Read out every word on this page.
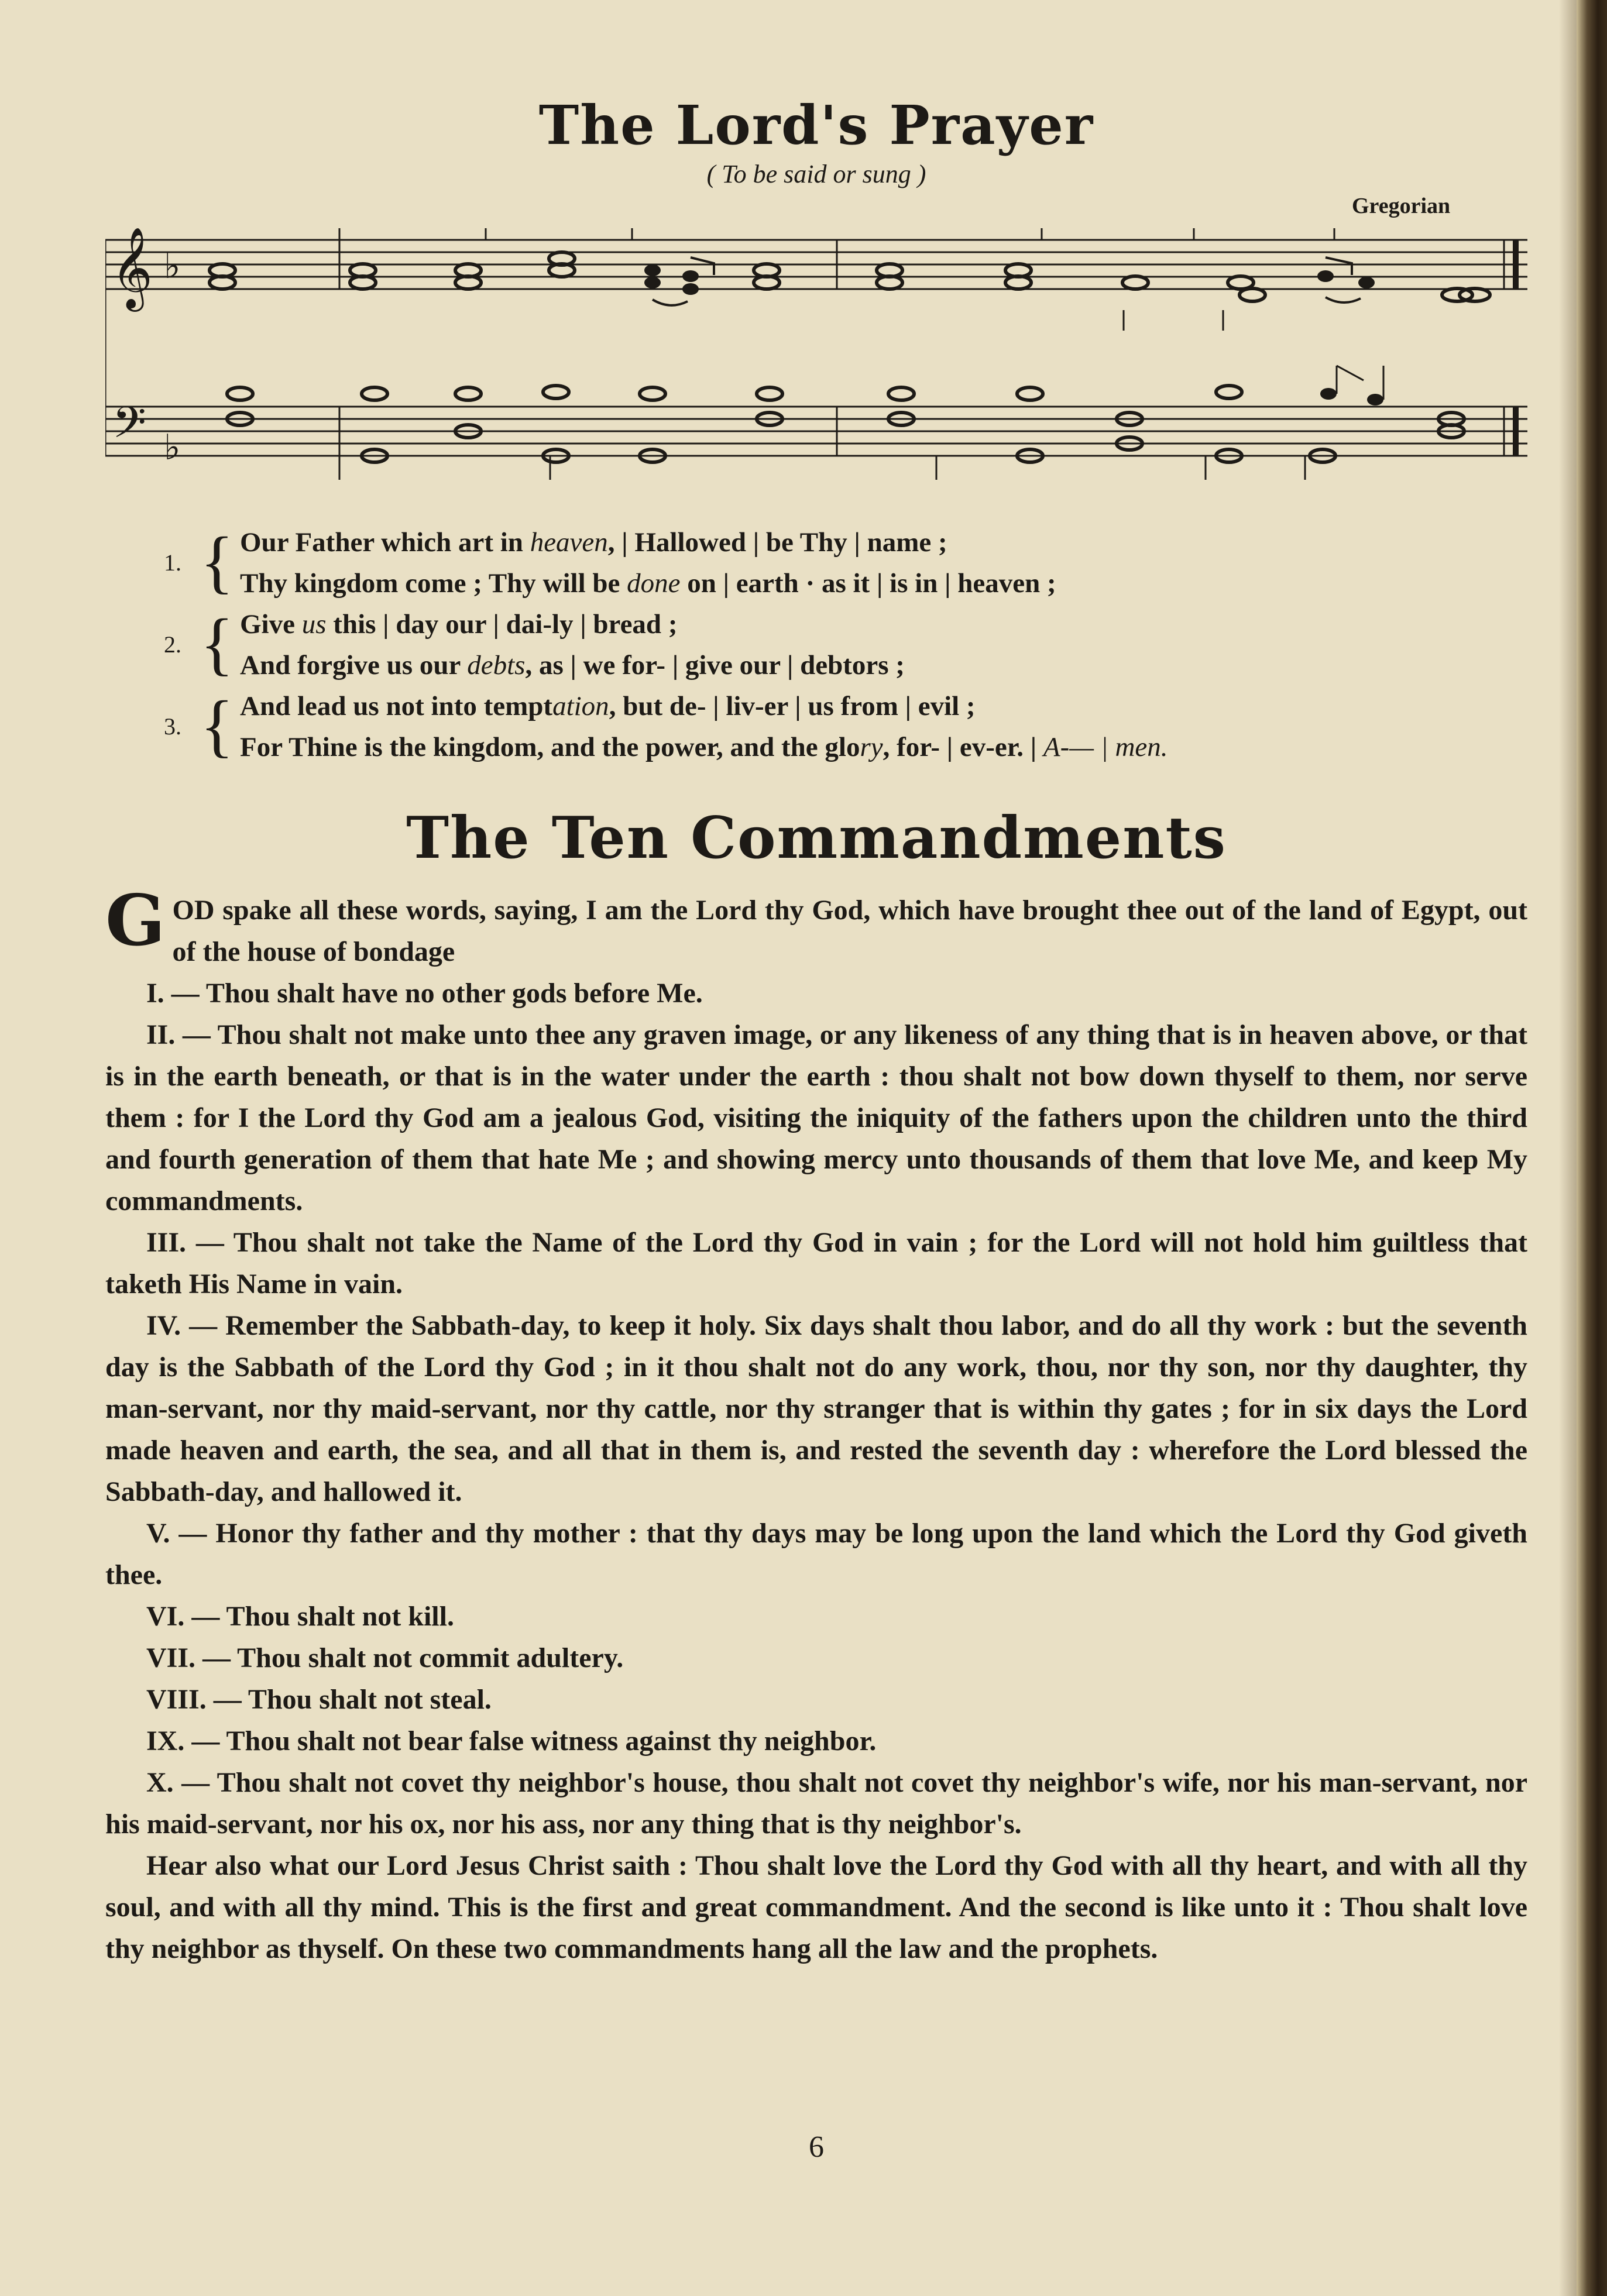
The Lord's Prayer
( To be said or sung )
Gregorian
𝄞
𝄢
♭
♭
1. { Our Father which art in heaven, | Hallowed | be Thy | name ;
Thy kingdom come ; Thy will be done on | earth · as it | is in | heaven ;
2. { Give us this | day our | dai-ly | bread ;
And forgive us our debts, as | we for- | give our | debtors ;
3. { And lead us not into temptation, but de- | liv-er | us from | evil ;
For Thine is the kingdom, and the power, and the glory, for- | ev-er. | A-— | men.
The Ten Commandments

GOD spake all these words, saying, I am the Lord thy God, which have brought thee out of the land of Egypt, out of the house of bondage

I. — Thou shalt have no other gods before Me.

II. — Thou shalt not make unto thee any graven image, or any likeness of any thing that is in heaven above, or that is in the earth beneath, or that is in the water under the earth : thou shalt not bow down thyself to them, nor serve them : for I the Lord thy God am a jealous God, visiting the iniquity of the fathers upon the children unto the third and fourth generation of them that hate Me ; and showing mercy unto thousands of them that love Me, and keep My commandments.

III. — Thou shalt not take the Name of the Lord thy God in vain ; for the Lord will not hold him guiltless that taketh His Name in vain.

IV. — Remember the Sabbath-day, to keep it holy. Six days shalt thou labor, and do all thy work : but the seventh day is the Sabbath of the Lord thy God ; in it thou shalt not do any work, thou, nor thy son, nor thy daughter, thy man-servant, nor thy maid-servant, nor thy cattle, nor thy stranger that is within thy gates ; for in six days the Lord made heaven and earth, the sea, and all that in them is, and rested the seventh day : wherefore the Lord blessed the Sabbath-day, and hallowed it.

V. — Honor thy father and thy mother : that thy days may be long upon the land which the Lord thy God giveth thee.

VI. — Thou shalt not kill.

VII. — Thou shalt not commit adultery.

VIII. — Thou shalt not steal.

IX. — Thou shalt not bear false witness against thy neighbor.

X. — Thou shalt not covet thy neighbor's house, thou shalt not covet thy neighbor's wife, nor his man-servant, nor his maid-servant, nor his ox, nor his ass, nor any thing that is thy neighbor's.

Hear also what our Lord Jesus Christ saith : Thou shalt love the Lord thy God with all thy heart, and with all thy soul, and with all thy mind. This is the first and great commandment. And the second is like unto it : Thou shalt love thy neighbor as thyself. On these two commandments hang all the law and the prophets.

6
